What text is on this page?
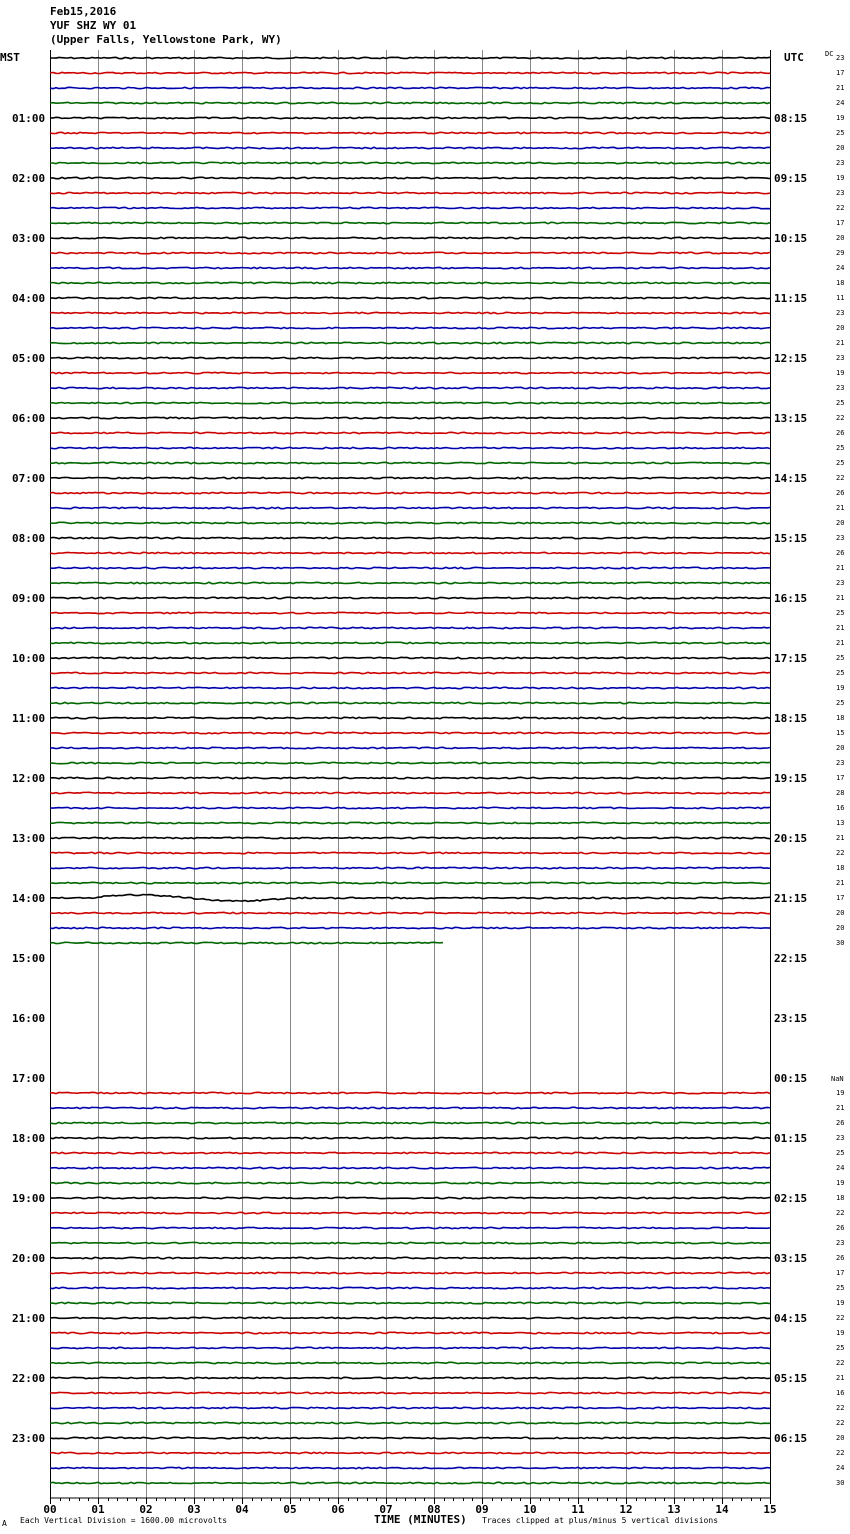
Feb15,2016
YUF SHZ WY 01
(Upper Falls, Yellowstone Park, WY)
01:00
02:00
03:00
04:00
05:00
06:00
07:00
08:00
09:00
10:00
11:00
12:00
13:00
14:00
15:00
16:00
17:00
18:00
19:00
20:00
21:00
22:00
23:00
08:15
09:15
10:15
11:15
12:15
13:15
14:15
15:15
16:15
17:15
18:15
19:15
20:15
21:15
22:15
23:15
00:15
01:15
02:15
03:15
04:15
05:15
06:15
23
17
21
24
19
25
20
23
19
23
22
17
20
29
24
18
11
23
20
21
23
19
23
25
22
26
25
25
22
26
21
20
23
26
21
23
21
25
21
21
25
25
19
25
18
15
20
23
17
28
16
13
21
22
18
21
17
20
20
30
19
21
26
23
25
24
19
18
22
26
23
26
17
25
19
22
19
25
22
21
16
22
22
20
22
24
30
00	01	02	03	04	05	06	07	08	09	10	11	12	13	14	15
MST	UTC	DC
NaN
TIME (MINUTES)
Each Vertical Division = 1600.00 microvolts	Traces clipped at plus/minus 5 vertical divisions
A
